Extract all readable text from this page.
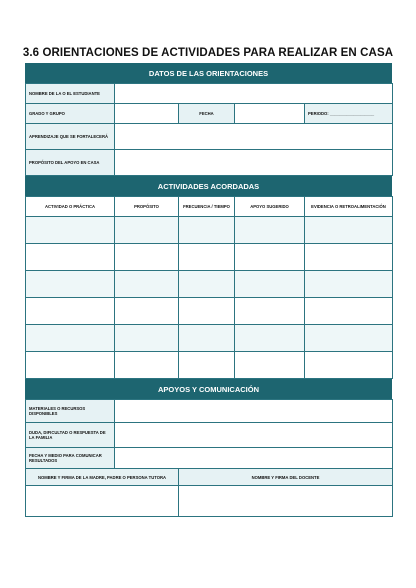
3.6 ORIENTACIONES DE ACTIVIDADES PARA REALIZAR EN CASA
DATOS DE LAS ORIENTACIONES
NOMBRE DE LA O EL ESTUDIANTE				
GRADO Y GRUPO		FECHA		PERIODO: ___________________
APRENDIZAJE QUE SE FORTALECERÁ				
PROPÓSITO DEL APOYO EN CASA				
ACTIVIDADES ACORDADAS
ACTIVIDAD O PRÁCTICA	PROPÓSITO	FRECUENCIA / TIEMPO	APOYO SUGERIDO	EVIDENCIA O RETROALIMENTACIÓN

APOYOS Y COMUNICACIÓN
MATERIALES O RECURSOS DISPONIBLES		
DUDA, DIFICULTAD O RESPUESTA DE LA FAMILIA		
FECHA Y MEDIO PARA COMUNICAR RESULTADOS		
NOMBRE Y FIRMA DE LA MADRE, PADRE O PERSONA TUTORA		NOMBRE Y FIRMA DEL DOCENTE
